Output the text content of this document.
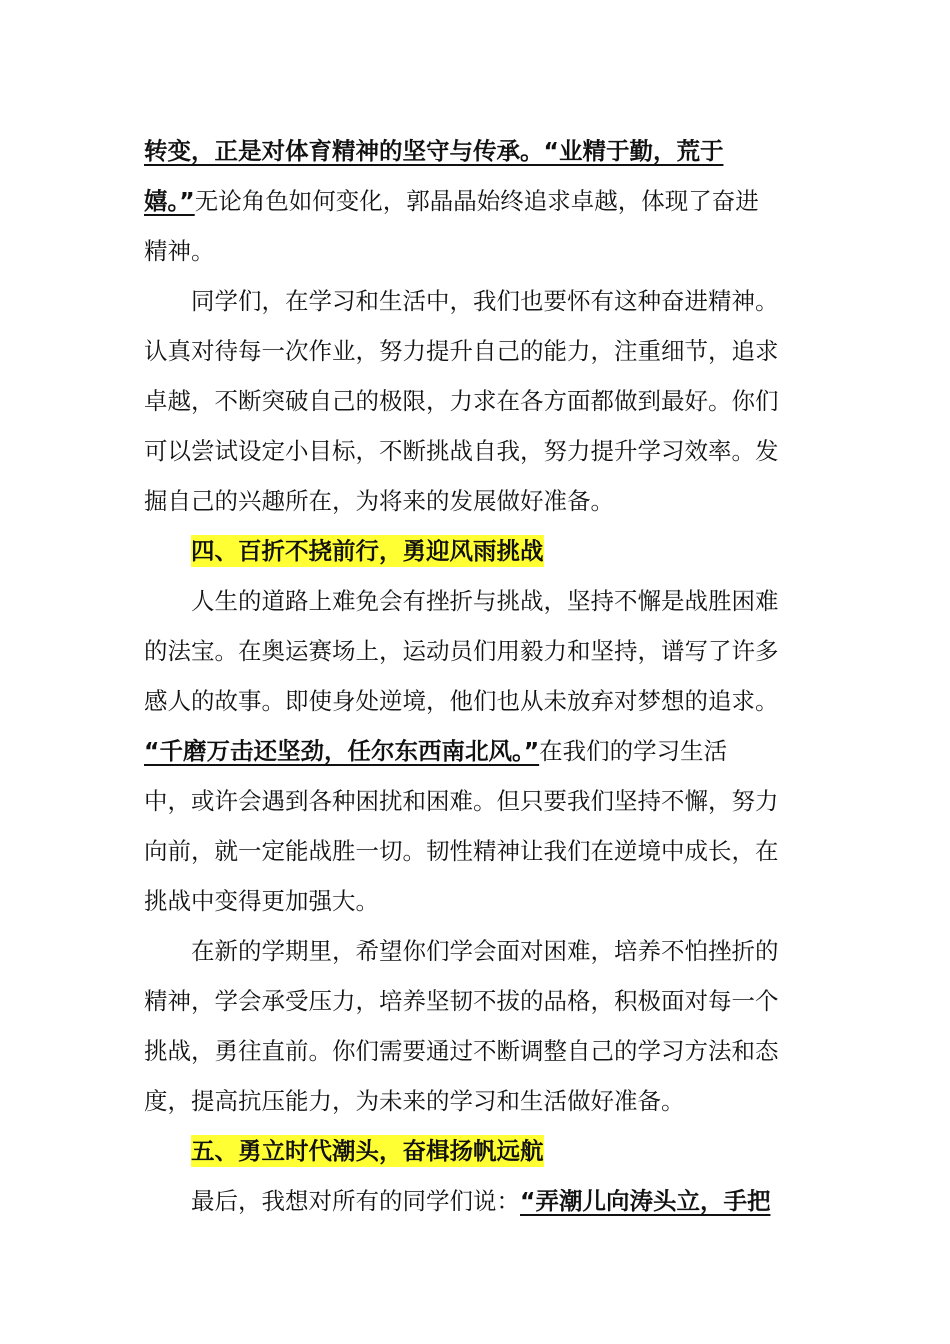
转变，正是对体育精神的坚守与传承。“业精于勤，荒于
嬉。”无论角色如何变化，郭晶晶始终追求卓越，体现了奋进
精神。
同学们，在学习和生活中，我们也要怀有这种奋进精神。
认真对待每一次作业，努力提升自己的能力，注重细节，追求
卓越，不断突破自己的极限，力求在各方面都做到最好。你们
可以尝试设定小目标，不断挑战自我，努力提升学习效率。发
掘自己的兴趣所在，为将来的发展做好准备。
四、百折不挠前行，勇迎风雨挑战
人生的道路上难免会有挫折与挑战，坚持不懈是战胜困难
的法宝。在奥运赛场上，运动员们用毅力和坚持，谱写了许多
感人的故事。即使身处逆境，他们也从未放弃对梦想的追求。
“千磨万击还坚劲，任尔东西南北风。”在我们的学习生活
中，或许会遇到各种困扰和困难。但只要我们坚持不懈，努力
向前，就一定能战胜一切。韧性精神让我们在逆境中成长，在
挑战中变得更加强大。
在新的学期里，希望你们学会面对困难，培养不怕挫折的
精神，学会承受压力，培养坚韧不拔的品格，积极面对每一个
挑战，勇往直前。你们需要通过不断调整自己的学习方法和态
度，提高抗压能力，为未来的学习和生活做好准备。
五、勇立时代潮头，奋楫扬帆远航
最后，我想对所有的同学们说：“弄潮儿向涛头立，手把
